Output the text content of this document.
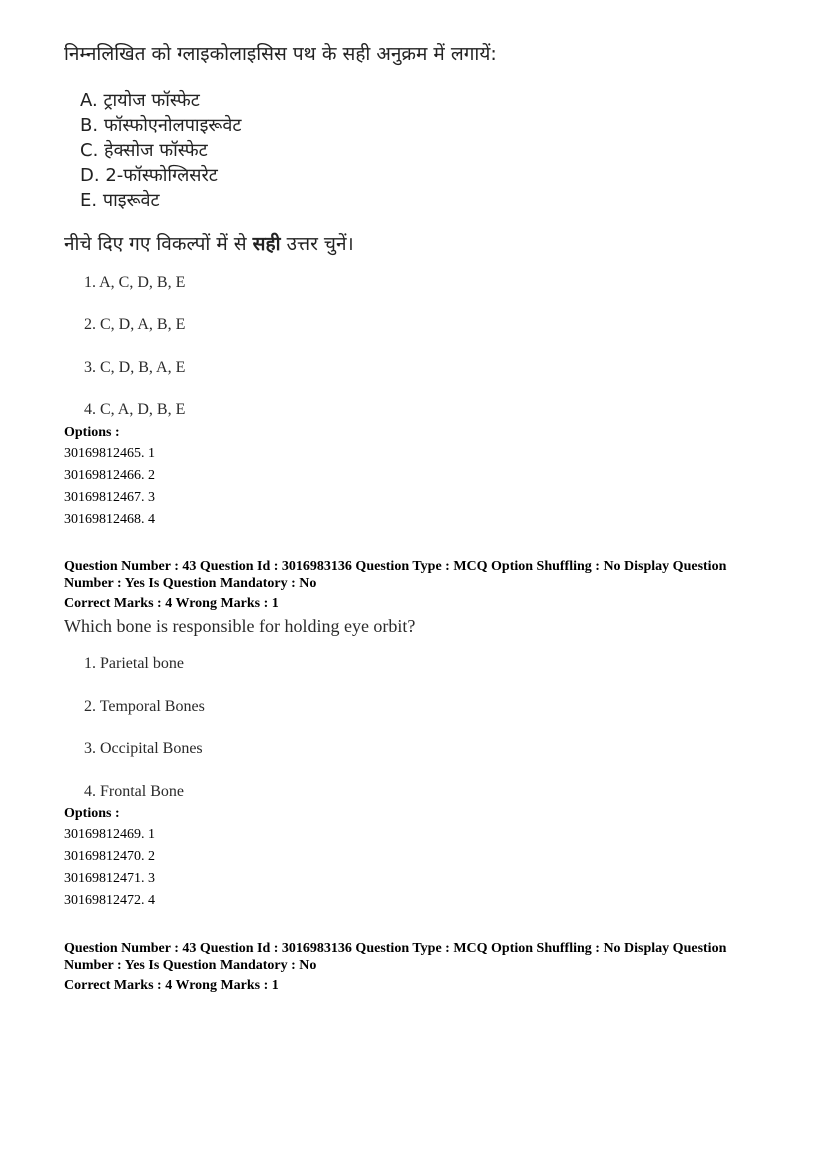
निम्नलिखित को ग्लाइकोलाइसिस पथ के सही अनुक्रम में लगायें:
A. ट्रायोज फॉस्फेट
B. फॉस्फोएनोलपाइरूवेट
C. हेक्सोज फॉस्फेट
D. 2-फॉस्फोग्लिसरेट
E. पाइरूवेट
नीचे दिए गए विकल्पों में से सही उत्तर चुनें।
1. A, C, D, B, E
2. C, D, A, B, E
3. C, D, B, A, E
4. C, A, D, B, E
Options :
30169812465. 1
30169812466. 2
30169812467. 3
30169812468. 4
Question Number : 43 Question Id : 3016983136 Question Type : MCQ Option Shuffling : No Display Question
Number : Yes Is Question Mandatory : No
Correct Marks : 4 Wrong Marks : 1
Which bone is responsible for holding eye orbit?
1. Parietal bone
2. Temporal Bones
3. Occipital Bones
4. Frontal Bone
Options :
30169812469. 1
30169812470. 2
30169812471. 3
30169812472. 4
Question Number : 43 Question Id : 3016983136 Question Type : MCQ Option Shuffling : No Display Question
Number : Yes Is Question Mandatory : No
Correct Marks : 4 Wrong Marks : 1
